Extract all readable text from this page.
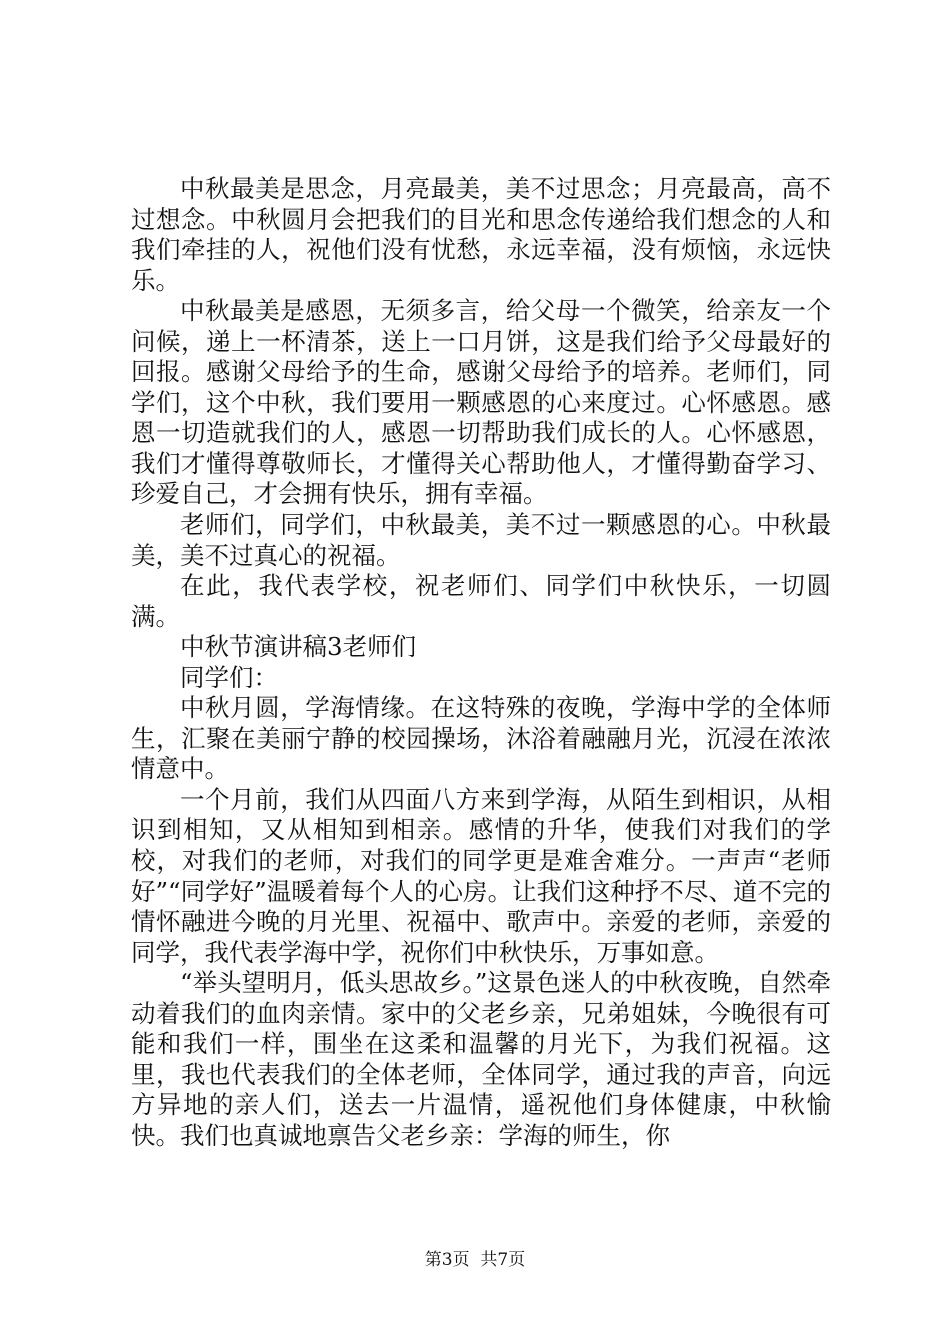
中秋最美是思念，月亮最美，美不过思念；月亮最高，高不过想念。中秋圆月会把我们的目光和思念传递给我们想念的人和我们牵挂的人，祝他们没有忧愁，永远幸福，没有烦恼，永远快乐。

中秋最美是感恩，无须多言，给父母一个微笑，给亲友一个问候，递上一杯清茶，送上一口月饼，这是我们给予父母最好的回报。感谢父母给予的生命，感谢父母给予的培养。老师们，同学们，这个中秋，我们要用一颗感恩的心来度过。心怀感恩。感恩一切造就我们的人，感恩一切帮助我们成长的人。心怀感恩，我们才懂得尊敬师长，才懂得关心帮助他人，才懂得勤奋学习、珍爱自己，才会拥有快乐，拥有幸福。

老师们，同学们，中秋最美，美不过一颗感恩的心。中秋最美，美不过真心的祝福。

在此，我代表学校，祝老师们、同学们中秋快乐，一切圆满。

中秋节演讲稿3老师们

同学们：

中秋月圆，学海情缘。在这特殊的夜晚，学海中学的全体师生，汇聚在美丽宁静的校园操场，沐浴着融融月光，沉浸在浓浓情意中。

一个月前，我们从四面八方来到学海，从陌生到相识，从相识到相知，又从相知到相亲。感情的升华，使我们对我们的学校，对我们的老师，对我们的同学更是难舍难分。一声声“老师好”“同学好”温暖着每个人的心房。让我们这种抒不尽、道不完的情怀融进今晚的月光里、祝福中、歌声中。亲爱的老师，亲爱的同学，我代表学海中学，祝你们中秋快乐，万事如意。

“举头望明月，低头思故乡。”这景色迷人的中秋夜晚，自然牵动着我们的血肉亲情。家中的父老乡亲，兄弟姐妹，今晚很有可能和我们一样，围坐在这柔和温馨的月光下，为我们祝福。这里，我也代表我们的全体老师，全体同学，通过我的声音，向远方异地的亲人们，送去一片温情，遥祝他们身体健康，中秋愉快。我们也真诚地禀告父老乡亲：学海的师生，你

第3页  共7页
